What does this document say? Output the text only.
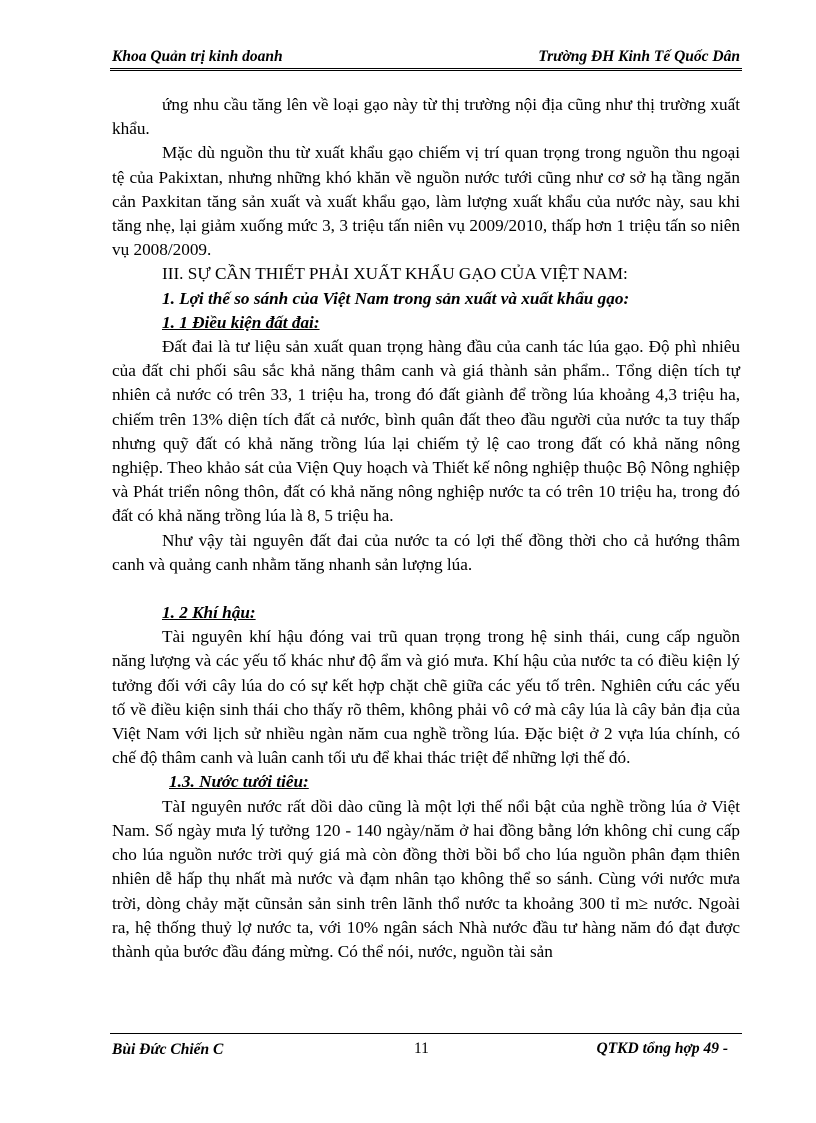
Khoa Quản trị kinh doanh	Trường ĐH Kinh Tế Quốc Dân

ứng nhu cầu tăng lên về loại gạo này từ thị trường nội địa cũng như thị trường xuất khẩu.

Mặc dù nguồn thu từ xuất khẩu gạo chiếm vị trí quan trọng trong nguồn thu ngoại tệ của Pakixtan, nhưng những khó khăn về nguồn nước tưới cũng như cơ sở hạ tầng ngăn cản Paxkitan tăng sản xuất và xuất khẩu gạo, làm lượng xuất khẩu của nước này, sau khi tăng nhẹ, lại giảm xuống mức 3, 3 triệu tấn niên vụ 2009/2010, thấp hơn 1 triệu tấn so niên vụ 2008/2009.

III. SỰ CẦN THIẾT PHẢI XUẤT KHẨU GẠO CỦA VIỆT NAM:

1. Lợi thế so sánh của Việt Nam trong sản xuất và xuất khẩu gạo:

1. 1 Điều kiện đất đai:

Đất đai là tư liệu sản xuất quan trọng hàng đầu của canh tác lúa gạo. Độ phì nhiêu của đất chi phối sâu sắc khả năng thâm canh và giá thành sản phẩm.. Tổng diện tích tự nhiên cả nước có trên 33, 1 triệu ha, trong đó đất giành để trồng lúa khoảng 4,3 triệu ha, chiếm trên 13% diện tích đất cả nước, bình quân đất theo đầu người của nước ta tuy thấp nhưng quỹ đất có khả năng trồng lúa lại chiếm tỷ lệ cao trong đất có khả năng nông nghiệp. Theo khảo sát của Viện Quy hoạch và Thiết kế nông nghiệp thuộc Bộ Nông nghiệp và Phát triển nông thôn, đất có khả năng nông nghiệp nước ta có trên 10 triệu ha, trong đó đất có khả năng trồng lúa là 8, 5 triệu ha.

Như vậy tài nguyên đất đai của nước ta có lợi thế đồng thời cho cả hướng thâm canh và quảng canh nhằm tăng nhanh sản lượng lúa.

1. 2 Khí hậu:

Tài nguyên khí hậu đóng vai trũ quan trọng trong hệ sinh thái, cung cấp nguồn năng lượng và các yếu tố khác như độ ẩm và gió mưa. Khí hậu của nước ta có điều kiện lý tưởng đối với cây lúa do có sự kết hợp chặt chẽ giữa các yếu tố trên. Nghiên cứu các yếu tố về điều kiện sinh thái cho thấy rõ thêm, không phải vô cớ mà cây lúa là cây bản địa của Việt Nam với lịch sử nhiều ngàn năm cua nghề trồng lúa. Đặc biệt ở 2 vựa lúa chính, có chế độ thâm canh và luân canh tối ưu để khai thác triệt để những lợi thế đó.

1.3. Nước tưới tiêu:

TàI nguyên nước rất dồi dào cũng là một lợi thế nổi bật của nghề trồng lúa ở Việt Nam. Số ngày mưa lý tưởng 120 - 140 ngày/năm ở hai đồng bằng lớn không chỉ cung cấp cho lúa nguồn nước trời quý giá mà còn đồng thời bồi bổ cho lúa nguồn phân đạm thiên nhiên dễ hấp thụ nhất mà nước và đạm nhân tạo không thể so sánh. Cùng với nước mưa trời, dòng chảy mặt cũnsản sản sinh trên lãnh thổ nước ta khoảng 300 tỉ m≥ nước. Ngoài ra, hệ thống thuỷ lợ nước ta, với 10% ngân sách Nhà nước đầu tư hàng năm đó đạt được thành qủa bước đầu đáng mừng. Có thể nói, nước, nguồn tài sản

Bùi Đức Chiến C	11	QTKD tổng hợp 49 -
